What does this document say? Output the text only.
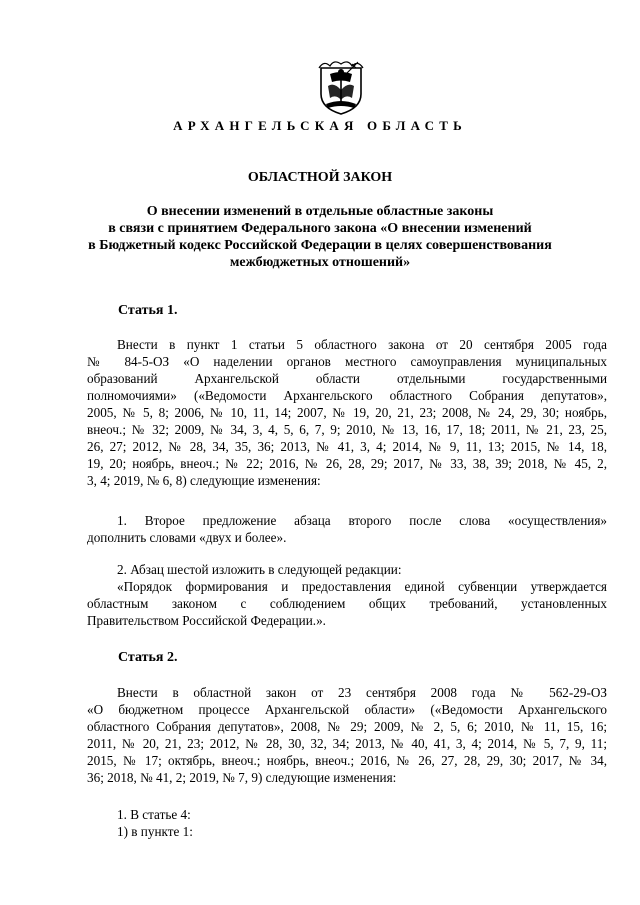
АРХАНГЕЛЬСКАЯ ОБЛАСТЬ
ОБЛАСТНОЙ ЗАКОН
О внесении изменений в отдельные областные законы
в связи с принятием Федерального закона «О внесении изменений
в Бюджетный кодекс Российской Федерации в целях совершенствования
межбюджетных отношений»
Статья 1.
Внести в пункт 1 статьи 5 областного закона от 20 сентября 2005 года
№ 84-5-ОЗ «О наделении органов местного самоуправления муниципальных
образований Архангельской области отдельными государственными
полномочиями» («Ведомости Архангельского областного Собрания депутатов»,
2005, № 5, 8; 2006, № 10, 11, 14; 2007, № 19, 20, 21, 23; 2008, № 24, 29, 30; ноябрь,
внеоч.; № 32; 2009, № 34, 3, 4, 5, 6, 7, 9; 2010, № 13, 16, 17, 18; 2011, № 21, 23, 25,
26, 27; 2012, № 28, 34, 35, 36; 2013, № 41, 3, 4; 2014, № 9, 11, 13; 2015, № 14, 18,
19, 20; ноябрь, внеоч.; № 22; 2016, № 26, 28, 29; 2017, № 33, 38, 39; 2018, № 45, 2,
3, 4; 2019, № 6, 8) следующие изменения:
1. Второе предложение абзаца второго после слова «осуществления»
дополнить словами «двух и более».
2. Абзац шестой изложить в следующей редакции:
«Порядок формирования и предоставления единой субвенции утверждается
областным законом с соблюдением общих требований, установленных
Правительством Российской Федерации.».
Статья 2.
Внести в областной закон от 23 сентября 2008 года № 562-29-ОЗ
«О бюджетном процессе Архангельской области» («Ведомости Архангельского
областного Собрания депутатов», 2008, № 29; 2009, № 2, 5, 6; 2010, № 11, 15, 16;
2011, № 20, 21, 23; 2012, № 28, 30, 32, 34; 2013, № 40, 41, 3, 4; 2014, № 5, 7, 9, 11;
2015, № 17; октябрь, внеоч.; ноябрь, внеоч.; 2016, № 26, 27, 28, 29, 30; 2017, № 34,
36; 2018, № 41, 2; 2019, № 7, 9) следующие изменения:
1. В статье 4:
1) в пункте 1:
